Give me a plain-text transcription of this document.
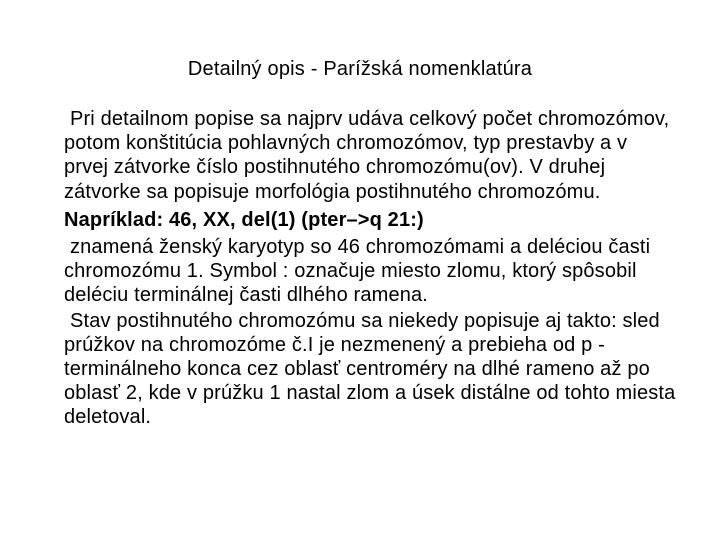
Detailný opis - Parížská nomenklatúra

Pri detailnom popise sa najprv udáva celkový počet chromozómov, potom konštitúcia pohlavných chromozómov, typ prestavby a v prvej zátvorke číslo postihnutého chromozómu(ov). V druhej zátvorke sa popisuje morfológia postihnutého chromozómu.

Napríklad: 46, XX, del(1) (pter–>q 21:)

znamená ženský karyotyp so 46 chromozómami a deléciou časti chromozómu 1. Symbol : označuje miesto zlomu, ktorý spôsobil deléciu terminálnej časti dlhého ramena.

Stav postihnutého chromozómu sa niekedy popisuje aj takto: sled prúžkov na chromozóme č.I je nezmenený a prebieha od p - terminálneho konca cez oblasť centroméry na dlhé rameno až po oblasť 2, kde v prúžku 1 nastal zlom a úsek distálne od tohto miesta deletoval.
